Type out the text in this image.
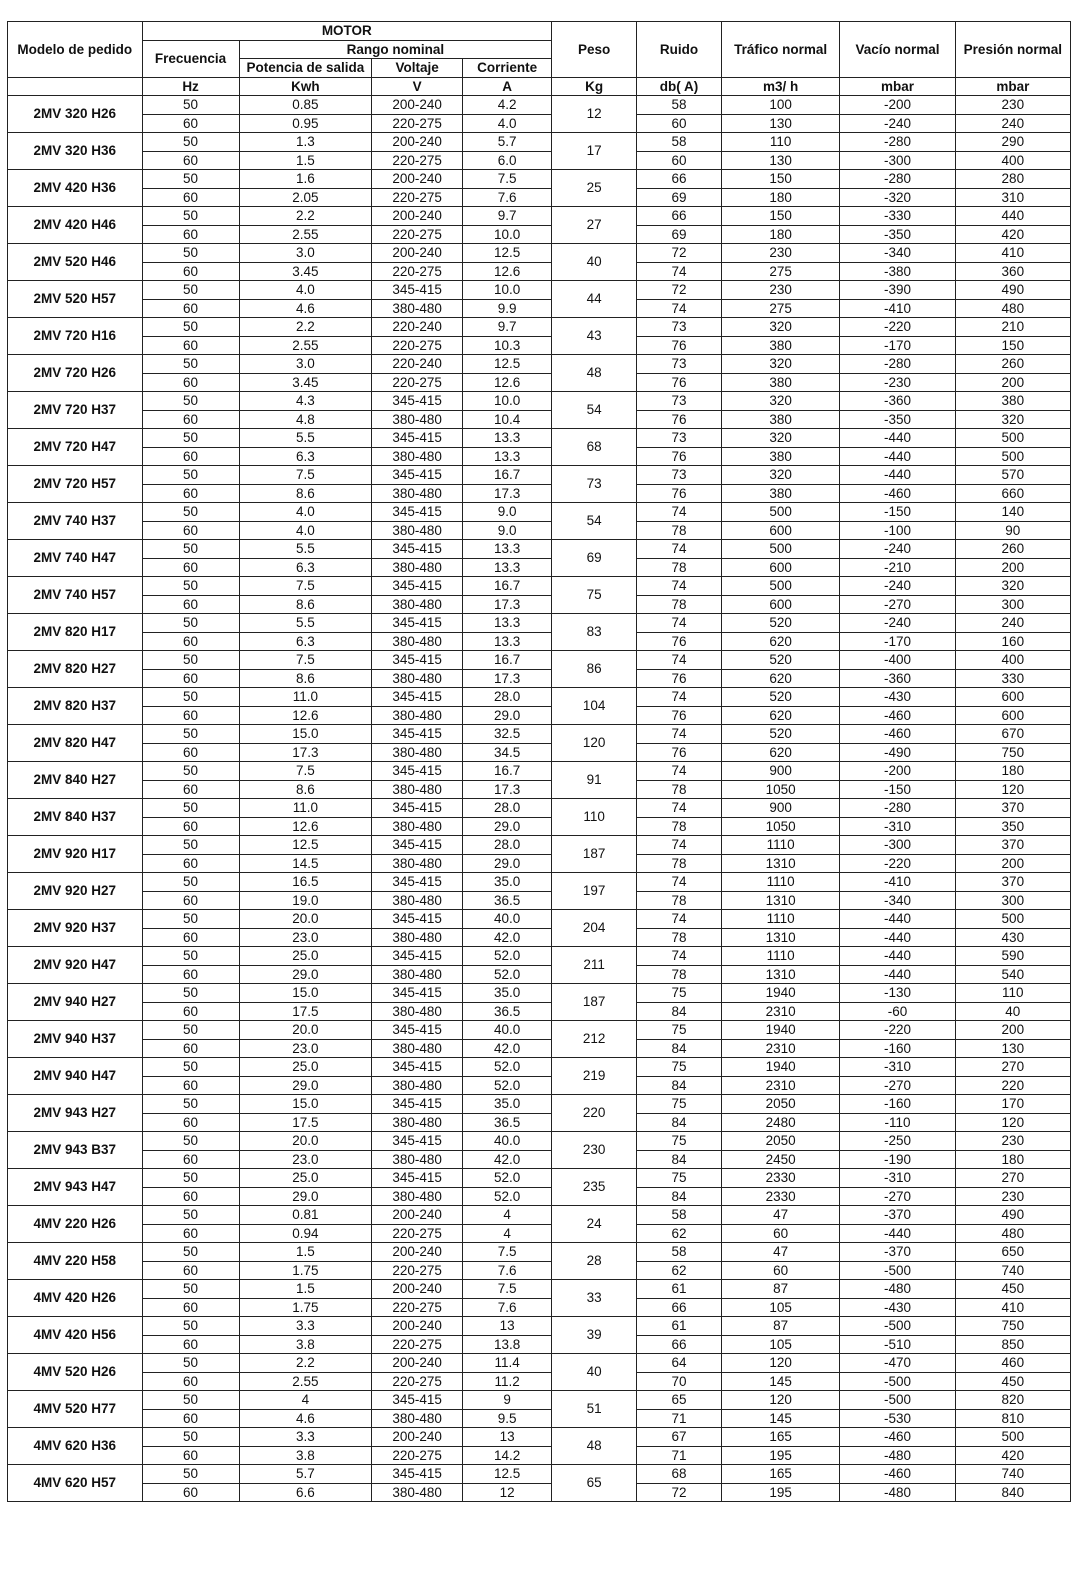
Modelo de pedido	MOTOR				Peso	Ruido	Tráfico normal	Vacío normal	Presión normal
	Frecuencia	Rango nominal							
		Potencia de salida	Voltaje	Corriente					
	Hz	Kwh	V	A	Kg	db( A)	m3/ h	mbar	mbar
2MV 320 H26	50	0.85	200-240	4.2	12	58	100	-200	230
	60	0.95	220-275	4.0		60	130	-240	240
2MV 320 H36	50	1.3	200-240	5.7	17	58	110	-280	290
	60	1.5	220-275	6.0		60	130	-300	400
2MV 420 H36	50	1.6	200-240	7.5	25	66	150	-280	280
	60	2.05	220-275	7.6		69	180	-320	310
2MV 420 H46	50	2.2	200-240	9.7	27	66	150	-330	440
	60	2.55	220-275	10.0		69	180	-350	420
2MV 520 H46	50	3.0	200-240	12.5	40	72	230	-340	410
	60	3.45	220-275	12.6		74	275	-380	360
2MV 520 H57	50	4.0	345-415	10.0	44	72	230	-390	490
	60	4.6	380-480	9.9		74	275	-410	480
2MV 720 H16	50	2.2	220-240	9.7	43	73	320	-220	210
	60	2.55	220-275	10.3		76	380	-170	150
2MV 720 H26	50	3.0	220-240	12.5	48	73	320	-280	260
	60	3.45	220-275	12.6		76	380	-230	200
2MV 720 H37	50	4.3	345-415	10.0	54	73	320	-360	380
	60	4.8	380-480	10.4		76	380	-350	320
2MV 720 H47	50	5.5	345-415	13.3	68	73	320	-440	500
	60	6.3	380-480	13.3		76	380	-440	500
2MV 720 H57	50	7.5	345-415	16.7	73	73	320	-440	570
	60	8.6	380-480	17.3		76	380	-460	660
2MV 740 H37	50	4.0	345-415	9.0	54	74	500	-150	140
	60	4.0	380-480	9.0		78	600	-100	90
2MV 740 H47	50	5.5	345-415	13.3	69	74	500	-240	260
	60	6.3	380-480	13.3		78	600	-210	200
2MV 740 H57	50	7.5	345-415	16.7	75	74	500	-240	320
	60	8.6	380-480	17.3		78	600	-270	300
2MV 820 H17	50	5.5	345-415	13.3	83	74	520	-240	240
	60	6.3	380-480	13.3		76	620	-170	160
2MV 820 H27	50	7.5	345-415	16.7	86	74	520	-400	400
	60	8.6	380-480	17.3		76	620	-360	330
2MV 820 H37	50	11.0	345-415	28.0	104	74	520	-430	600
	60	12.6	380-480	29.0		76	620	-460	600
2MV 820 H47	50	15.0	345-415	32.5	120	74	520	-460	670
	60	17.3	380-480	34.5		76	620	-490	750
2MV 840 H27	50	7.5	345-415	16.7	91	74	900	-200	180
	60	8.6	380-480	17.3		78	1050	-150	120
2MV 840 H37	50	11.0	345-415	28.0	110	74	900	-280	370
	60	12.6	380-480	29.0		78	1050	-310	350
2MV 920 H17	50	12.5	345-415	28.0	187	74	1110	-300	370
	60	14.5	380-480	29.0		78	1310	-220	200
2MV 920 H27	50	16.5	345-415	35.0	197	74	1110	-410	370
	60	19.0	380-480	36.5		78	1310	-340	300
2MV 920 H37	50	20.0	345-415	40.0	204	74	1110	-440	500
	60	23.0	380-480	42.0		78	1310	-440	430
2MV 920 H47	50	25.0	345-415	52.0	211	74	1110	-440	590
	60	29.0	380-480	52.0		78	1310	-440	540
2MV 940 H27	50	15.0	345-415	35.0	187	75	1940	-130	110
	60	17.5	380-480	36.5		84	2310	-60	40
2MV 940 H37	50	20.0	345-415	40.0	212	75	1940	-220	200
	60	23.0	380-480	42.0		84	2310	-160	130
2MV 940 H47	50	25.0	345-415	52.0	219	75	1940	-310	270
	60	29.0	380-480	52.0		84	2310	-270	220
2MV 943 H27	50	15.0	345-415	35.0	220	75	2050	-160	170
	60	17.5	380-480	36.5		84	2480	-110	120
2MV 943 B37	50	20.0	345-415	40.0	230	75	2050	-250	230
	60	23.0	380-480	42.0		84	2450	-190	180
2MV 943 H47	50	25.0	345-415	52.0	235	75	2330	-310	270
	60	29.0	380-480	52.0		84	2330	-270	230
4MV 220 H26	50	0.81	200-240	4	24	58	47	-370	490
	60	0.94	220-275	4		62	60	-440	480
4MV 220 H58	50	1.5	200-240	7.5	28	58	47	-370	650
	60	1.75	220-275	7.6		62	60	-500	740
4MV 420 H26	50	1.5	200-240	7.5	33	61	87	-480	450
	60	1.75	220-275	7.6		66	105	-430	410
4MV 420 H56	50	3.3	200-240	13	39	61	87	-500	750
	60	3.8	220-275	13.8		66	105	-510	850
4MV 520 H26	50	2.2	200-240	11.4	40	64	120	-470	460
	60	2.55	220-275	11.2		70	145	-500	450
4MV 520 H77	50	4	345-415	9	51	65	120	-500	820
	60	4.6	380-480	9.5		71	145	-530	810
4MV 620 H36	50	3.3	200-240	13	48	67	165	-460	500
	60	3.8	220-275	14.2		71	195	-480	420
4MV 620 H57	50	5.7	345-415	12.5	65	68	165	-460	740
	60	6.6	380-480	12		72	195	-480	840
